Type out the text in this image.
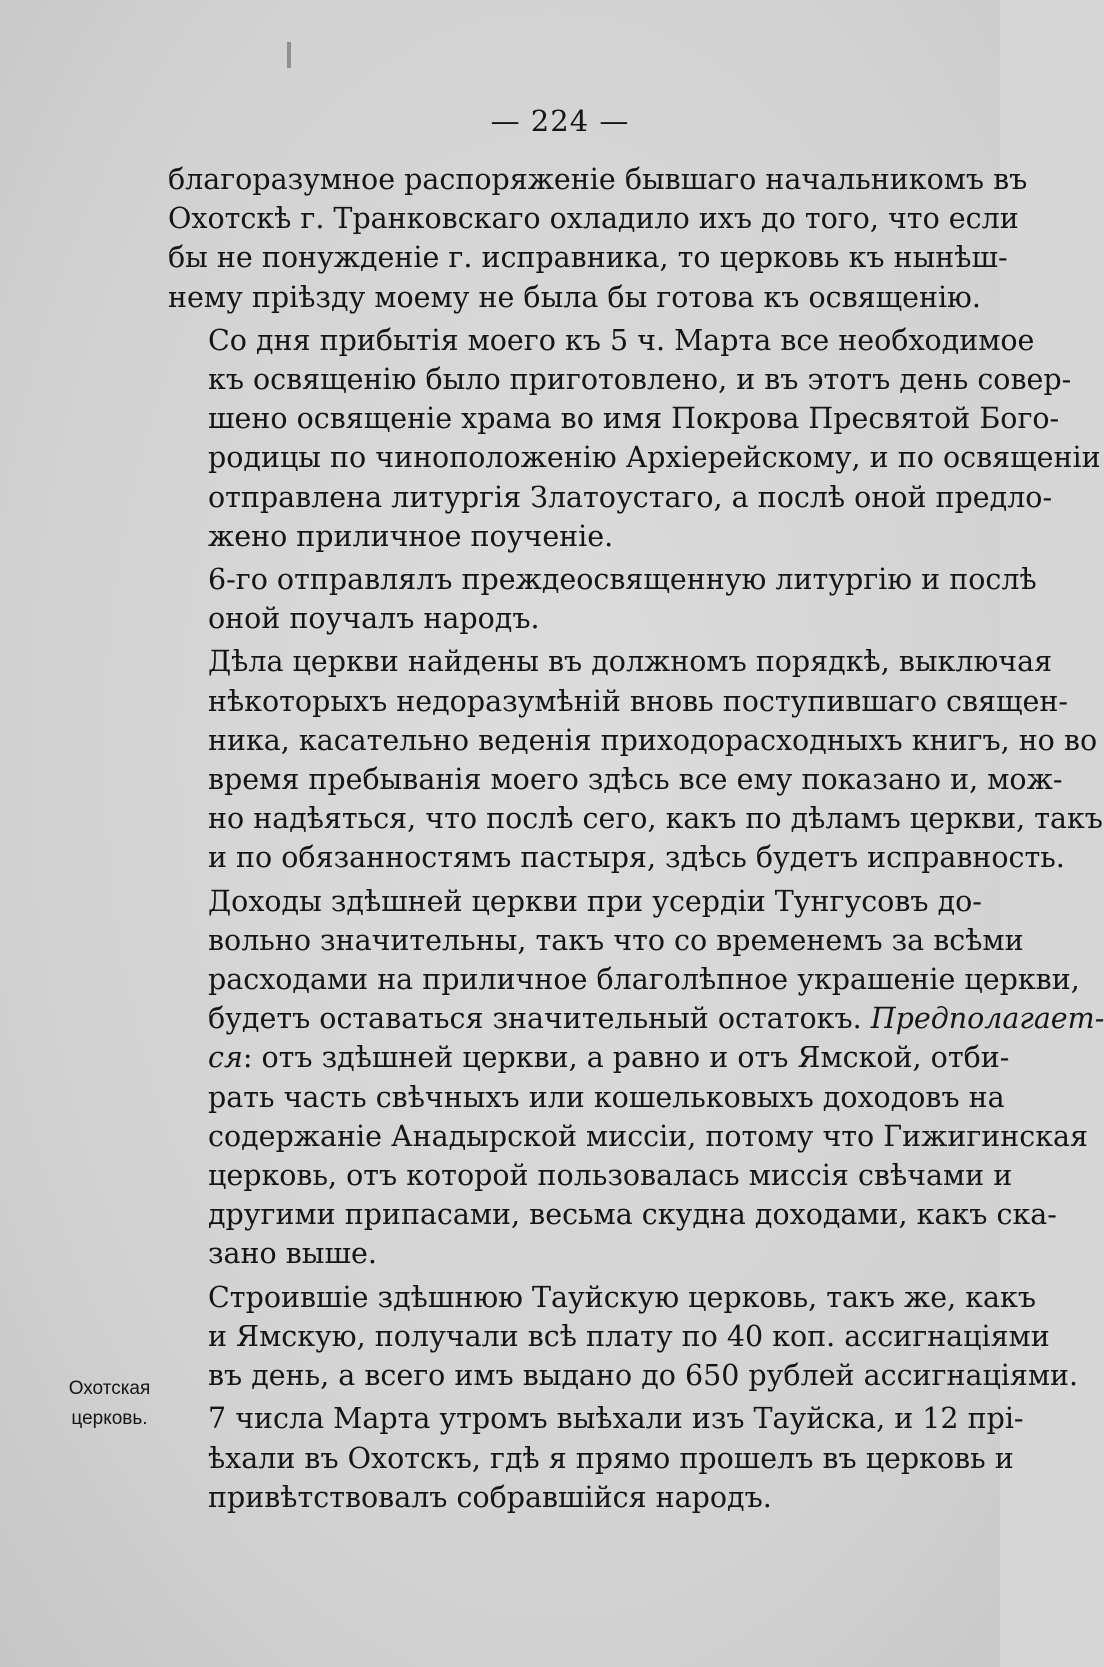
— 224 —

благоразумное распоряженіе бывшаго начальникомъ въ
Охотскѣ г. Транковскаго охладило ихъ до того, что если
бы не понужденіе г. исправника, то церковь къ нынѣш-
нему пріѣзду моему не была бы готова къ освященію.

Со дня прибытія моего къ 5 ч. Марта все необходимое
къ освященію было приготовлено, и въ этотъ день совер-
шено освященіе храма во имя Покрова Пресвятой Бого-
родицы по чиноположенію Архіерейскому, и по освященіи
отправлена литургія Златоустаго, а послѣ оной предло-
жено приличное поученіе.

6-го отправлялъ преждеосвященную литургію и послѣ
оной поучалъ народъ.

Дѣла церкви найдены въ должномъ порядкѣ, выключая
нѣкоторыхъ недоразумѣній вновь поступившаго священ-
ника, касательно веденія приходорасходныхъ книгъ, но во
время пребыванія моего здѣсь все ему показано и, мож-
но надѣяться, что послѣ сего, какъ по дѣламъ церкви, такъ
и по обязанностямъ пастыря, здѣсь будетъ исправность.

Доходы здѣшней церкви при усердіи Тунгусовъ до-
вольно значительны, такъ что со временемъ за всѣми
расходами на приличное благолѣпное украшеніе церкви,
будетъ оставаться значительный остатокъ. Предполагает-
ся: отъ здѣшней церкви, а равно и отъ Ямской, отби-
рать часть свѣчныхъ или кошельковыхъ доходовъ на
содержаніе Анадырской миссіи, потому что Гижигинская
церковь, отъ которой пользовалась миссія свѣчами и
другими припасами, весьма скудна доходами, какъ ска-
зано выше.

Строившіе здѣшнюю Тауйскую церковь, такъ же, какъ
и Ямскую, получали всѣ плату по 40 коп. ассигнаціями
въ день, а всего имъ выдано до 650 рублей ассигнаціями.

7 числа Марта утромъ выѣхали изъ Тауйска, и 12 прі-
ѣхали въ Охотскъ, гдѣ я прямо прошелъ въ церковь и
привѣтствовалъ собравшійся народъ.

Охотская
церковь.
